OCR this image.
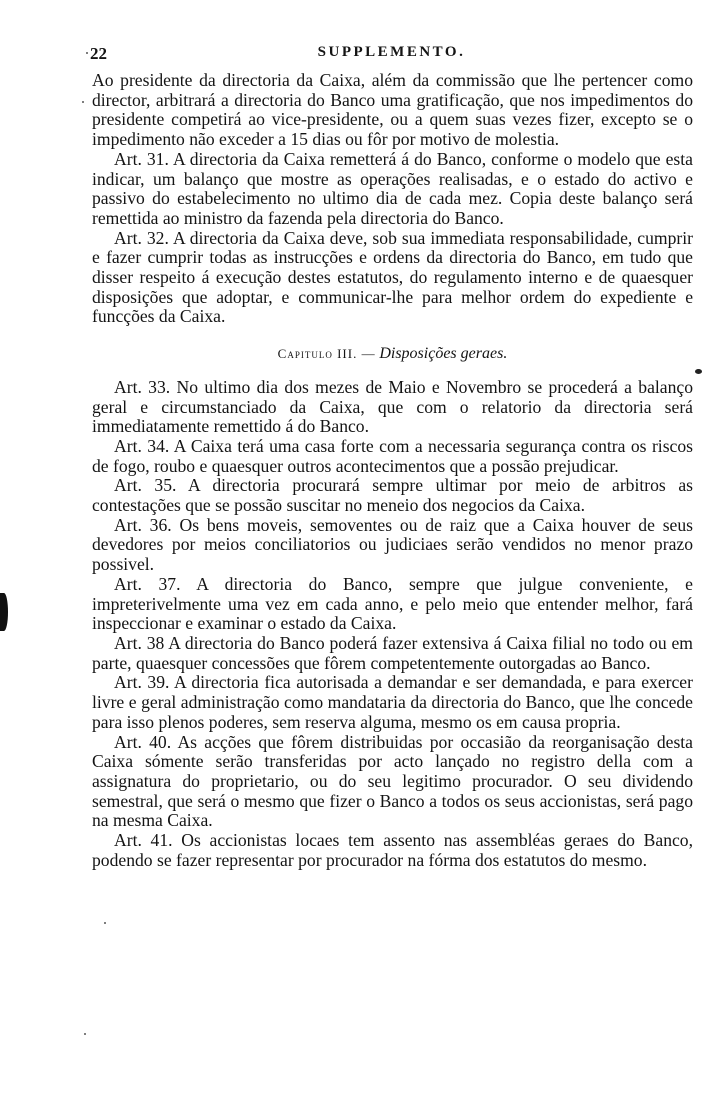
22	SUPPLEMENTO.

Ao presidente da directoria da Caixa, além da commissão que lhe pertencer como director, arbitrará a directoria do Banco uma gratificação, que nos impedimentos do presidente competirá ao vice-presidente, ou a quem suas vezes fizer, excepto se o impedimento não exceder a 15 dias ou fôr por motivo de molestia.

Art. 31. A directoria da Caixa remetterá á do Banco, conforme o modelo que esta indicar, um balanço que mostre as operações realisadas, e o estado do activo e passivo do estabelecimento no ultimo dia de cada mez. Copia deste balanço será remettida ao ministro da fazenda pela directoria do Banco.

Art. 32. A directoria da Caixa deve, sob sua immediata responsabilidade, cumprir e fazer cumprir todas as instrucções e ordens da directoria do Banco, em tudo que disser respeito á execução destes estatutos, do regulamento interno e de quaesquer disposições que adoptar, e communicar-lhe para melhor ordem do expediente e funcções da Caixa.

Capitulo III. — Disposições geraes.

Art. 33. No ultimo dia dos mezes de Maio e Novembro se procederá a balanço geral e circumstanciado da Caixa, que com o relatorio da directoria será immediatamente remettido á do Banco.

Art. 34. A Caixa terá uma casa forte com a necessaria segurança contra os riscos de fogo, roubo e quaesquer outros acontecimentos que a possão prejudicar.

Art. 35. A directoria procurará sempre ultimar por meio de arbitros as contestações que se possão suscitar no meneio dos negocios da Caixa.

Art. 36. Os bens moveis, semoventes ou de raiz que a Caixa houver de seus devedores por meios conciliatorios ou judiciaes serão vendidos no menor prazo possivel.

Art. 37. A directoria do Banco, sempre que julgue conveniente, e impreterivelmente uma vez em cada anno, e pelo meio que entender melhor, fará inspeccionar e examinar o estado da Caixa.

Art. 38 A directoria do Banco poderá fazer extensiva á Caixa filial no todo ou em parte, quaesquer concessões que fôrem competentemente outorgadas ao Banco.

Art. 39. A directoria fica autorisada a demandar e ser demandada, e para exercer livre e geral administração como mandataria da directoria do Banco, que lhe concede para isso plenos poderes, sem reserva alguma, mesmo os em causa propria.

Art. 40. As acções que fôrem distribuidas por occasião da reorganisação desta Caixa sómente serão transferidas por acto lançado no registro della com a assignatura do proprietario, ou do seu legitimo procurador. O seu dividendo semestral, que será o mesmo que fizer o Banco a todos os seus accionistas, será pago na mesma Caixa.

Art. 41. Os accionistas locaes tem assento nas assembléas geraes do Banco, podendo se fazer representar por procurador na fórma dos estatutos do mesmo.
